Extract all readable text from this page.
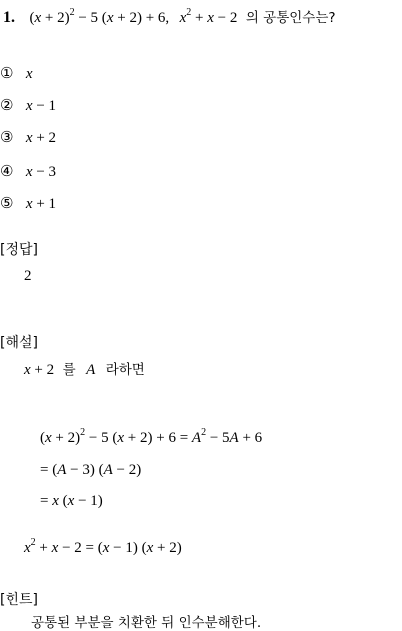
1. $(x + 2)^2 - 5$ (x + 2) + 6, $x^2 + x - 2$ 의 공통인수는?
① x
② x − 1
③ x + 2
④ x − 3
⑤ x + 1
[정답]
2
[해설]
x + 2 를 A 라하면
$(x + 2)^2 - 5$ $(x + 2) + 6 = A^2 - 5A + 6$
= (A − 3) (A − 2)
= x (x − 1)
$x^2 + x - 2 = (x - 1) (x + 2)$
[힌트]
공통된 부분을 치환한 뒤 인수분해한다.
